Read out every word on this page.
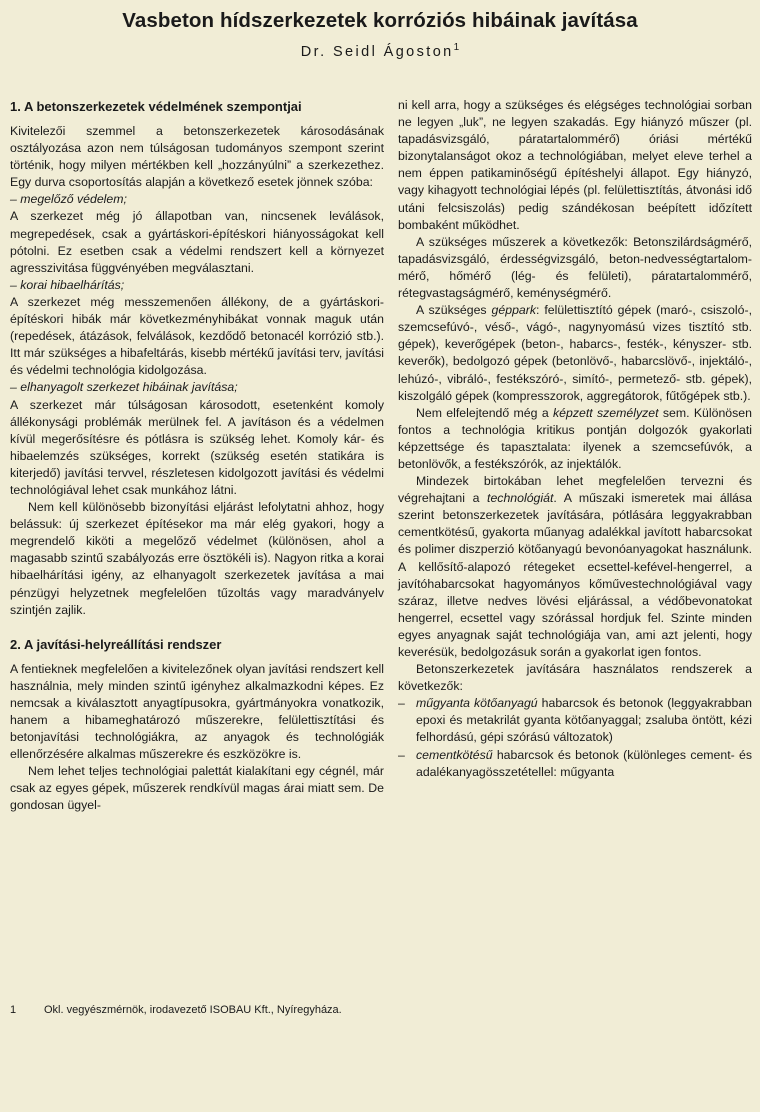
Vasbeton hídszerkezetek korróziós hibáinak javítása
Dr. Seidl Ágoston$^1$
1. A betonszerkezetek védelmének szempontjai

Kivitelezői szemmel a betonszerkezetek károsodásának osztályozása azon nem túlságosan tudományos szempont szerint történik, hogy milyen mértékben kell „hozzányúlni” a szerkezethez. Egy durva csoportosítás alapján a következő esetek jönnek szóba:

– megelőző védelem;

A szerkezet még jó állapotban van, nincsenek leválások, megrepedések, csak a gyártáskori-építéskori hiányosságokat kell pótolni. Ez esetben csak a védelmi rendszert kell a környezet agresszivitása függvényében megválasztani.

– korai hibaelhárítás;

A szerkezet még messzemenően állékony, de a gyártáskori-építéskori hibák már következményhibákat vonnak maguk után (repedések, átázások, felválások, kezdődő betonacél korrózió stb.). Itt már szükséges a hibafeltárás, kisebb mértékű javítási terv, javítási és védelmi technológia kidolgozása.

– elhanyagolt szerkezet hibáinak javítása;

A szerkezet már túlságosan károsodott, esetenként komoly állékonysági problémák merülnek fel. A javításon és a védelmen kívül megerősítésre és pótlásra is szükség lehet. Komoly kár- és hibaelemzés szükséges, korrekt (szükség esetén statikára is kiterjedő) javítási tervvel, részletesen kidolgozott javítási és védelmi technológiával lehet csak munkához látni.

Nem kell különösebb bizonyítási eljárást lefolytatni ahhoz, hogy belássuk: új szerkezet építésekor ma már elég gyakori, hogy a megrendelő kiköti a megelőző védelmet (különösen, ahol a magasabb szintű szabályozás erre ösztökéli is). Nagyon ritka a korai hibaelhárítási igény, az elhanyagolt szerkezetek javítása a mai pénzügyi helyzetnek megfelelően tűzoltás vagy maradványelv szintjén zajlik.

2. A javítási-helyreállítási rendszer

A fentieknek megfelelően a kivitelezőnek olyan javítási rendszert kell használnia, mely minden szintű igényhez alkalmazkodni képes. Ez nemcsak a kiválasztott anyagtípusokra, gyártmányokra vonatkozik, hanem a hibameghatározó műszerekre, felülettisztítási és betonjavítási technológiákra, az anyagok és technológiák ellenőrzésére alkalmas műszerekre és eszközökre is.

Nem lehet teljes technológiai palettát kialakítani egy cégnél, már csak az egyes gépek, műszerek rendkívül magas árai miatt sem. De gondosan ügyel-

1	Okl. vegyészmérnök, irodavezető ISOBAU Kft., Nyíregyháza.

ni kell arra, hogy a szükséges és elégséges technológiai sorban ne legyen „luk”, ne legyen szakadás. Egy hiányzó műszer (pl. tapadásvizsgáló, páratartalommérő) óriási mértékű bizonytalanságot okoz a technológiában, melyet eleve terhel a nem éppen patikaminőségű építéshelyi állapot. Egy hiányzó, vagy kihagyott technológiai lépés (pl. felülettisztítás, átvonási idő utáni felcsiszolás) pedig szándékosan beépített időzített bombaként működhet.

A szükséges műszerek a következők: Betonszilárdságmérő, tapadásvizsgáló, érdességvizsgáló, beton-nedvességtartalom-mérő, hőmérő (lég- és felületi), páratartalommérő, rétegvastagságmérő, keménységmérő.

A szükséges géppark: felülettisztító gépek (maró-, csiszoló-, szemcsefúvó-, véső-, vágó-, nagynyomású vizes tisztító stb. gépek), keverőgépek (beton-, habarcs-, festék-, kényszer- stb. keverők), bedolgozó gépek (betonlövő-, habarcslövő-, injektáló-, lehúzó-, vibráló-, festékszóró-, simító-, permetező- stb. gépek), kiszolgáló gépek (kompresszorok, aggregátorok, fűtőgépek stb.).

Nem elfelejtendő még a képzett személyzet sem. Különösen fontos a technológia kritikus pontján dolgozók gyakorlati képzettsége és tapasztalata: ilyenek a szemcsefúvók, a betonlövők, a festékszórók, az injektálók.

Mindezek birtokában lehet megfelelően tervezni és végrehajtani a technológiát. A műszaki ismeretek mai állása szerint betonszerkezetek javítására, pótlására leggyakrabban cementkötésű, gyakorta műanyag adalékkal javított habarcsokat és polimer diszperzió kötőanyagú bevonóanyagokat használunk. A kellősítő-alapozó rétegeket ecsettel-kefével-hengerrel, a javítóhabarcsokat hagyományos kőművestechnológiával vagy száraz, illetve nedves lövési eljárással, a védőbevonatokat hengerrel, ecsettel vagy szórással hordjuk fel. Szinte minden egyes anyagnak saját technológiája van, ami azt jelenti, hogy keverésük, bedolgozásuk során a gyakorlat igen fontos.

Betonszerkezetek javítására használatos rendszerek a következők:

– műgyanta kötőanyagú habarcsok és betonok (leggyakrabban epoxi és metakrilát gyanta kötőanyaggal; zsaluba öntött, kézi felhordású, gépi szórású változatok)
– cementkötésű habarcsok és betonok (különleges cement- és adalékanyagösszetétellel: műgyanta
